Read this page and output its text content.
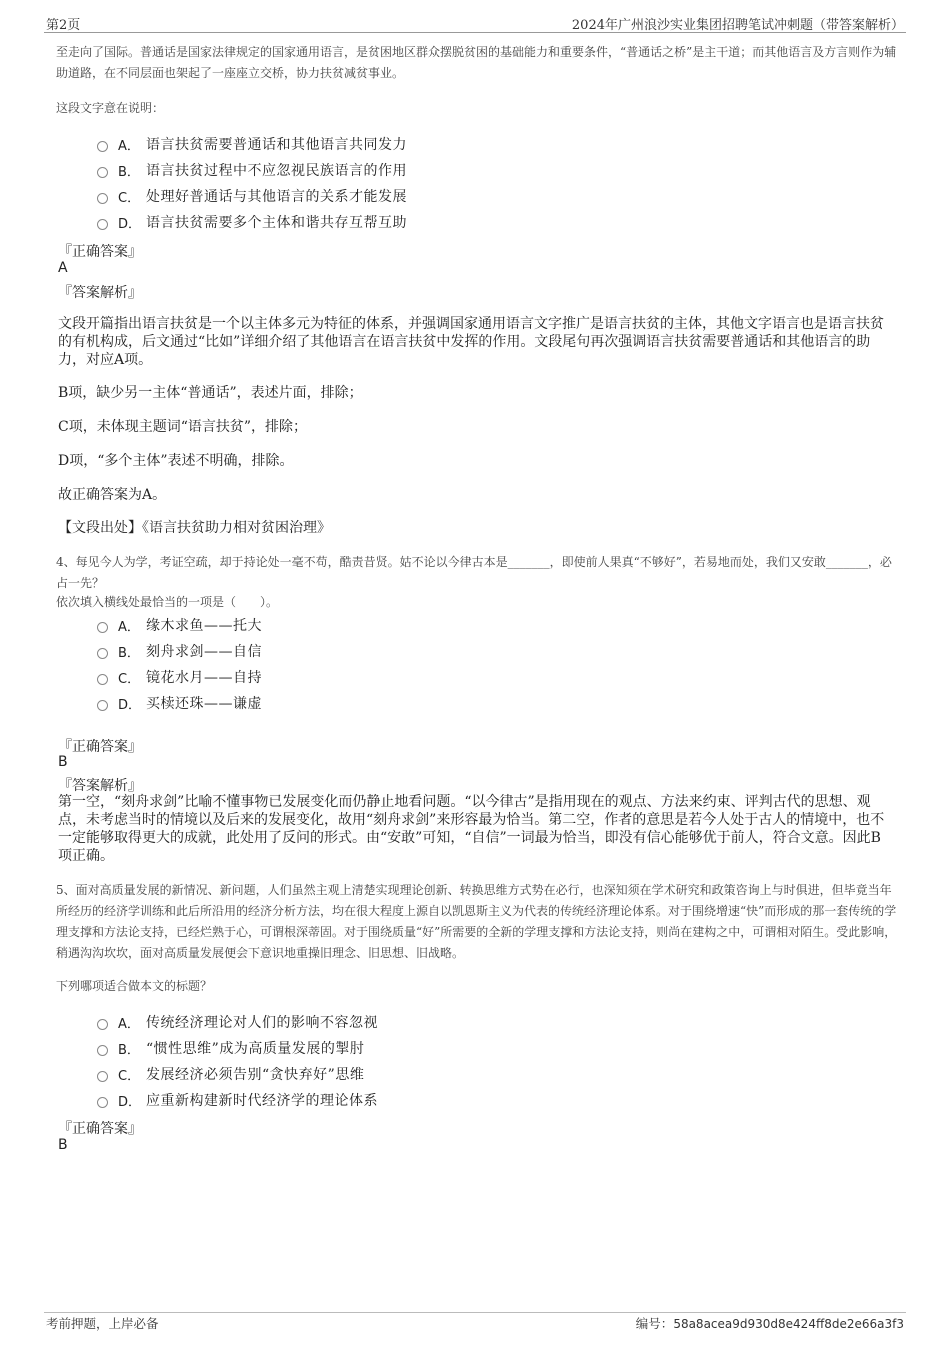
第2页	2024年广州浪沙实业集团招聘笔试冲刺题（带答案解析）
至走向了国际。普通话是国家法律规定的国家通用语言，是贫困地区群众摆脱贫困的基础能力和重要条件，“普通话之桥”是主干道；而其他语言及方言则作为辅助道路，在不同层面也架起了一座座立交桥，协力扶贫减贫事业。
这段文字意在说明：
A． 语言扶贫需要普通话和其他语言共同发力
B． 语言扶贫过程中不应忽视民族语言的作用
C． 处理好普通话与其他语言的关系才能发展
D． 语言扶贫需要多个主体和谐共存互帮互助
『正确答案』
A
『答案解析』
文段开篇指出语言扶贫是一个以主体多元为特征的体系，并强调国家通用语言文字推广是语言扶贫的主体，其他文字语言也是语言扶贫的有机构成，后文通过“比如”详细介绍了其他语言在语言扶贫中发挥的作用。文段尾句再次强调语言扶贫需要普通话和其他语言的助力，对应A项。
B项，缺少另一主体“普通话”，表述片面，排除；
C项，未体现主题词“语言扶贫”，排除；
D项，“多个主体”表述不明确，排除。
故正确答案为A。
【文段出处】《语言扶贫助力相对贫困治理》
4、每见今人为学，考证空疏，却于持论处一毫不苟，酷责昔贤。姑不论以今律古本是_______，即使前人果真“不够好”，若易地而处，我们又安敢_______，必占一先？
依次填入横线处最恰当的一项是（　　）。
A． 缘木求鱼——托大
B． 刻舟求剑——自信
C． 镜花水月——自持
D． 买椟还珠——谦虚
『正确答案』
B
『答案解析』
第一空，“刻舟求剑”比喻不懂事物已发展变化而仍静止地看问题。“以今律古”是指用现在的观点、方法来约束、评判古代的思想、观点，未考虑当时的情境以及后来的发展变化，故用“刻舟求剑”来形容最为恰当。第二空，作者的意思是若今人处于古人的情境中，也不一定能够取得更大的成就，此处用了反问的形式。由“安敢”可知，“自信”一词最为恰当，即没有信心能够优于前人，符合文意。因此B项正确。
5、面对高质量发展的新情况、新问题，人们虽然主观上清楚实现理论创新、转换思维方式势在必行，也深知须在学术研究和政策咨询上与时俱进，但毕竟当年所经历的经济学训练和此后所沿用的经济分析方法，均在很大程度上源自以凯恩斯主义为代表的传统经济理论体系。对于围绕增速“快”而形成的那一套传统的学理支撑和方法论支持，已经烂熟于心，可谓根深蒂固。对于围绕质量“好”所需要的全新的学理支撑和方法论支持，则尚在建构之中，可谓相对陌生。受此影响，稍遇沟沟坎坎，面对高质量发展便会下意识地重操旧理念、旧思想、旧战略。
下列哪项适合做本文的标题？
A． 传统经济理论对人们的影响不容忽视
B． “惯性思维”成为高质量发展的掣肘
C． 发展经济必须告别“贪快弃好”思维
D． 应重新构建新时代经济学的理论体系
『正确答案』
B
考前押题，上岸必备	编号：58a8acea9d930d8e424ff8de2e66a3f3
